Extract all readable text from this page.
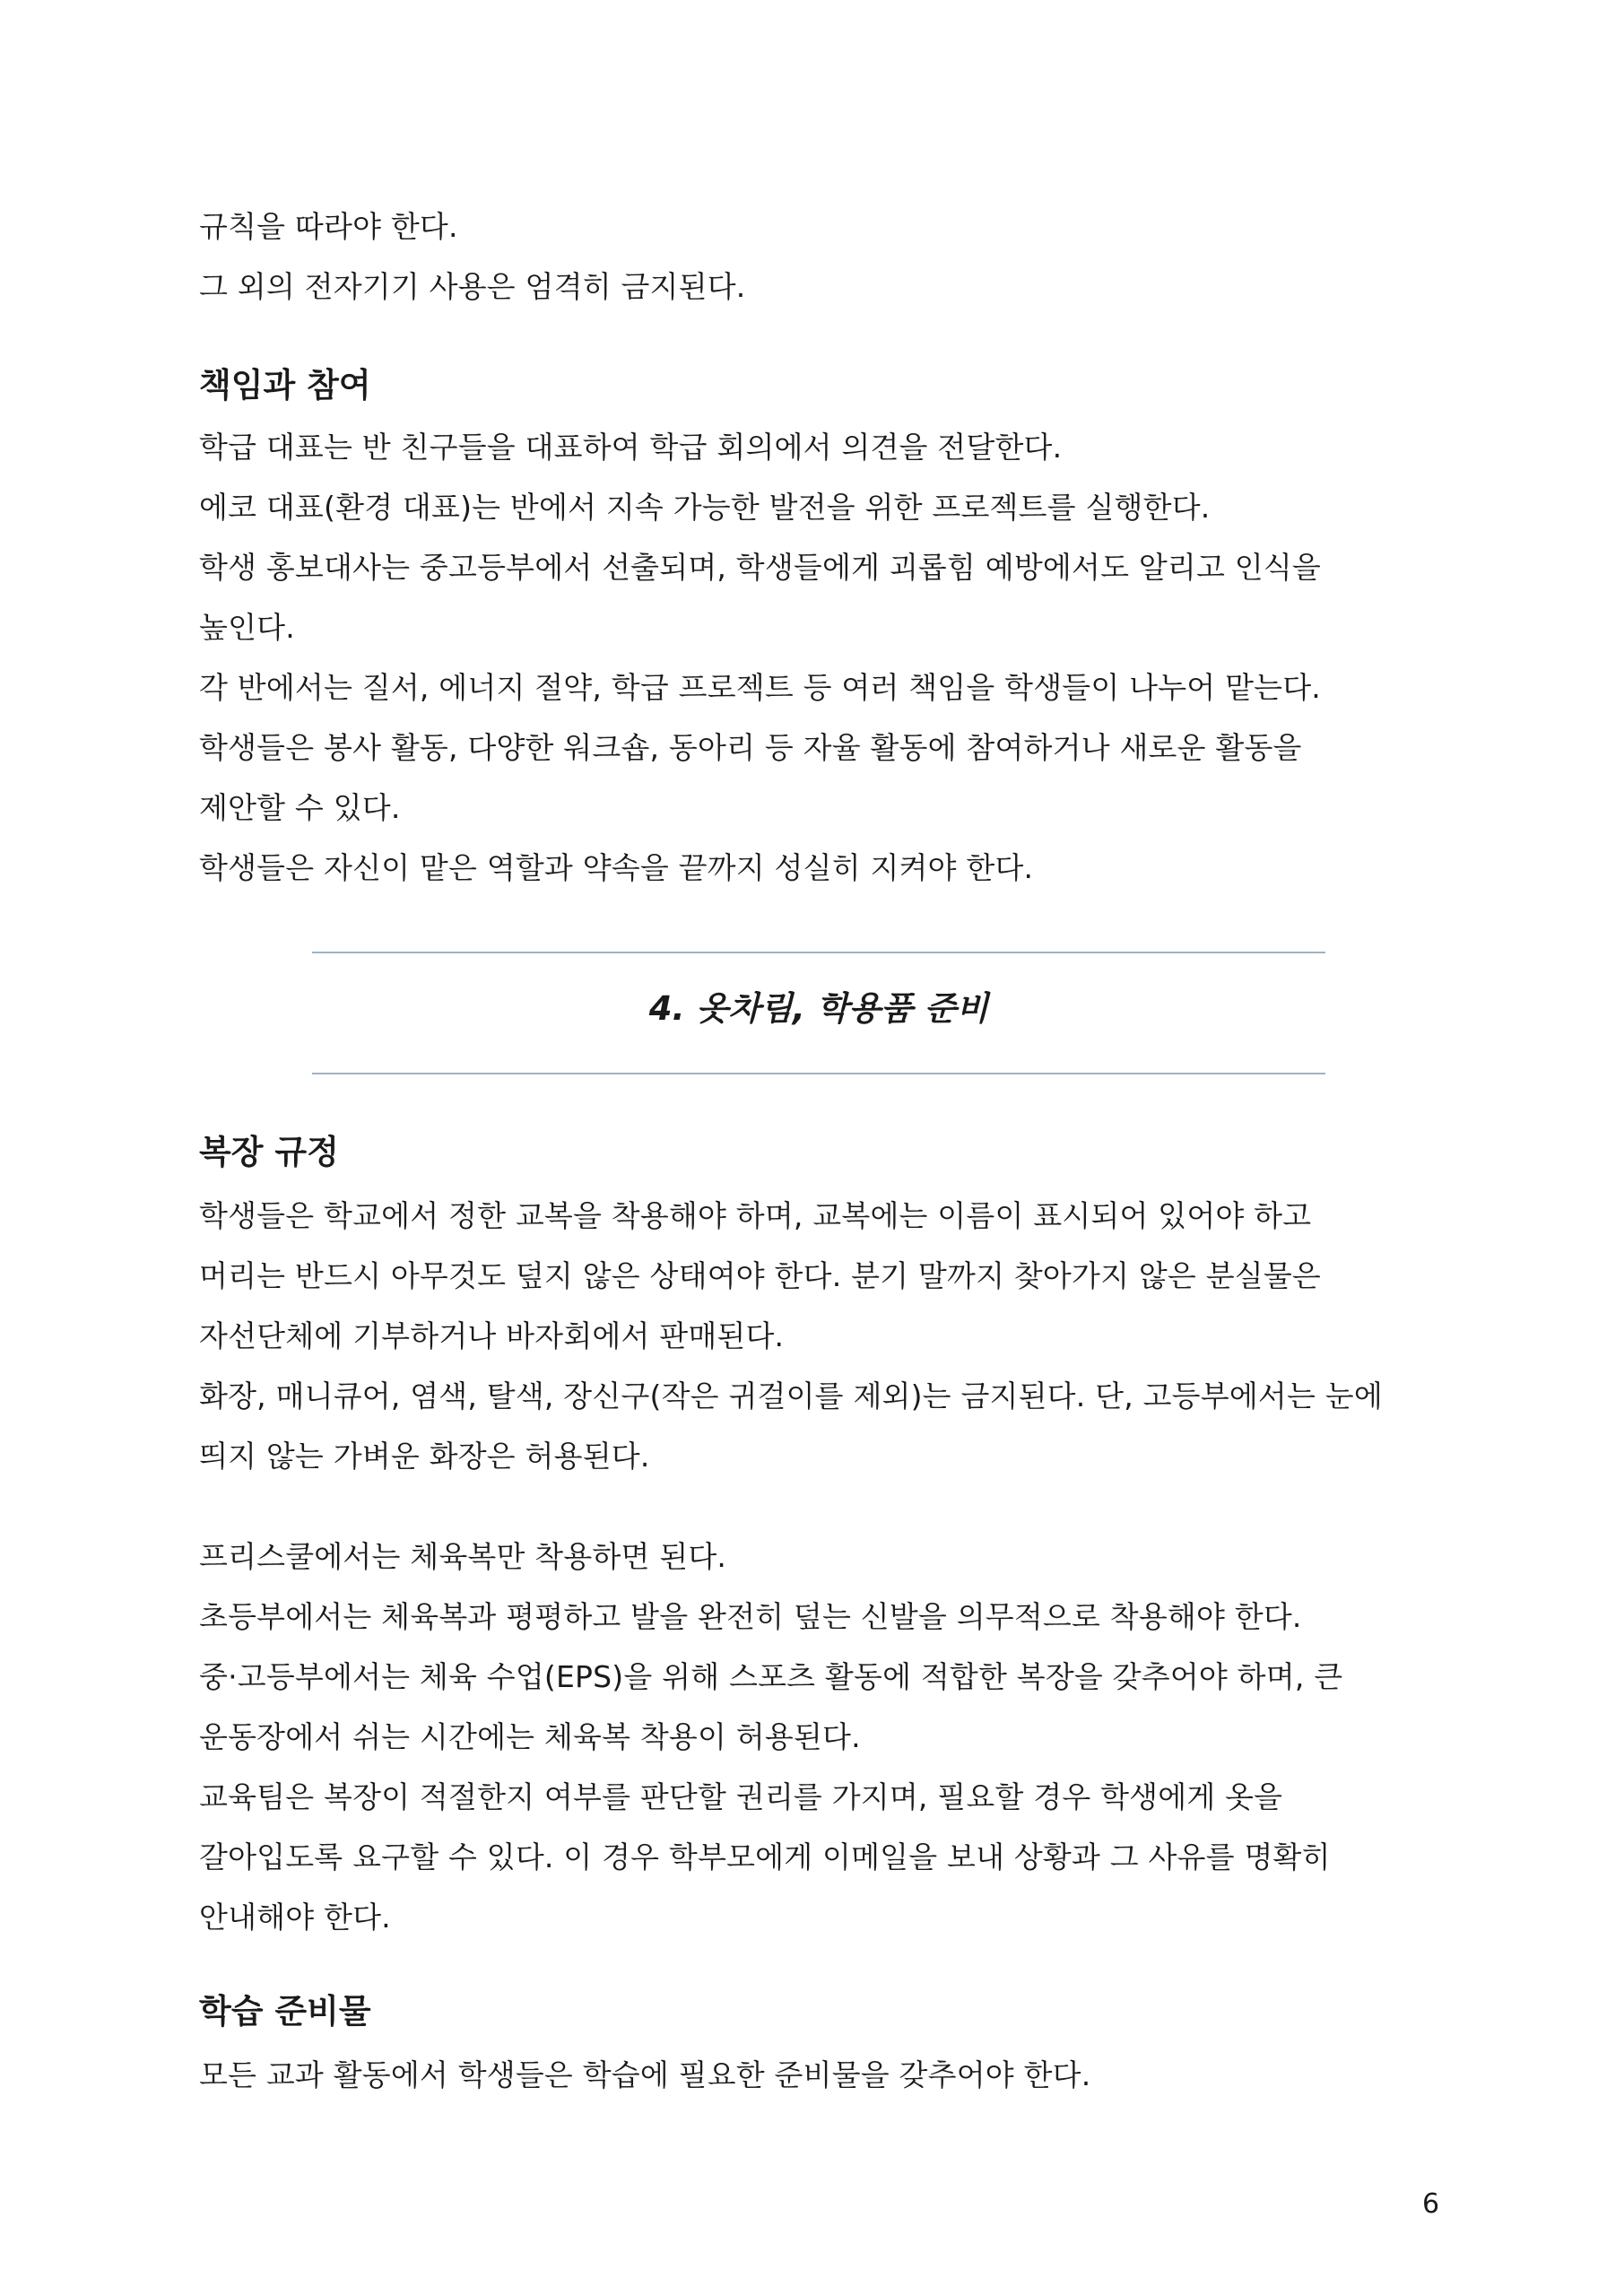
규칙을 따라야 한다.
그 외의 전자기기 사용은 엄격히 금지된다.
책임과 참여
학급 대표는 반 친구들을 대표하여 학급 회의에서 의견을 전달한다.
에코 대표(환경 대표)는 반에서 지속 가능한 발전을 위한 프로젝트를 실행한다.
학생 홍보대사는 중고등부에서 선출되며, 학생들에게 괴롭힘 예방에서도 알리고 인식을
높인다.
각 반에서는 질서, 에너지 절약, 학급 프로젝트 등 여러 책임을 학생들이 나누어 맡는다.
학생들은 봉사 활동, 다양한 워크숍, 동아리 등 자율 활동에 참여하거나 새로운 활동을
제안할 수 있다.
학생들은 자신이 맡은 역할과 약속을 끝까지 성실히 지켜야 한다.
4. 옷차림, 학용품 준비
복장 규정
학생들은 학교에서 정한 교복을 착용해야 하며, 교복에는 이름이 표시되어 있어야 하고
머리는 반드시 아무것도 덮지 않은 상태여야 한다. 분기 말까지 찾아가지 않은 분실물은
자선단체에 기부하거나 바자회에서 판매된다.
화장, 매니큐어, 염색, 탈색, 장신구(작은 귀걸이를 제외)는 금지된다. 단, 고등부에서는 눈에
띄지 않는 가벼운 화장은 허용된다.
프리스쿨에서는 체육복만 착용하면 된다.
초등부에서는 체육복과 평평하고 발을 완전히 덮는 신발을 의무적으로 착용해야 한다.
중·고등부에서는 체육 수업(EPS)을 위해 스포츠 활동에 적합한 복장을 갖추어야 하며, 큰
운동장에서 쉬는 시간에는 체육복 착용이 허용된다.
교육팀은 복장이 적절한지 여부를 판단할 권리를 가지며, 필요할 경우 학생에게 옷을
갈아입도록 요구할 수 있다. 이 경우 학부모에게 이메일을 보내 상황과 그 사유를 명확히
안내해야 한다.
학습 준비물
모든 교과 활동에서 학생들은 학습에 필요한 준비물을 갖추어야 한다.
6
